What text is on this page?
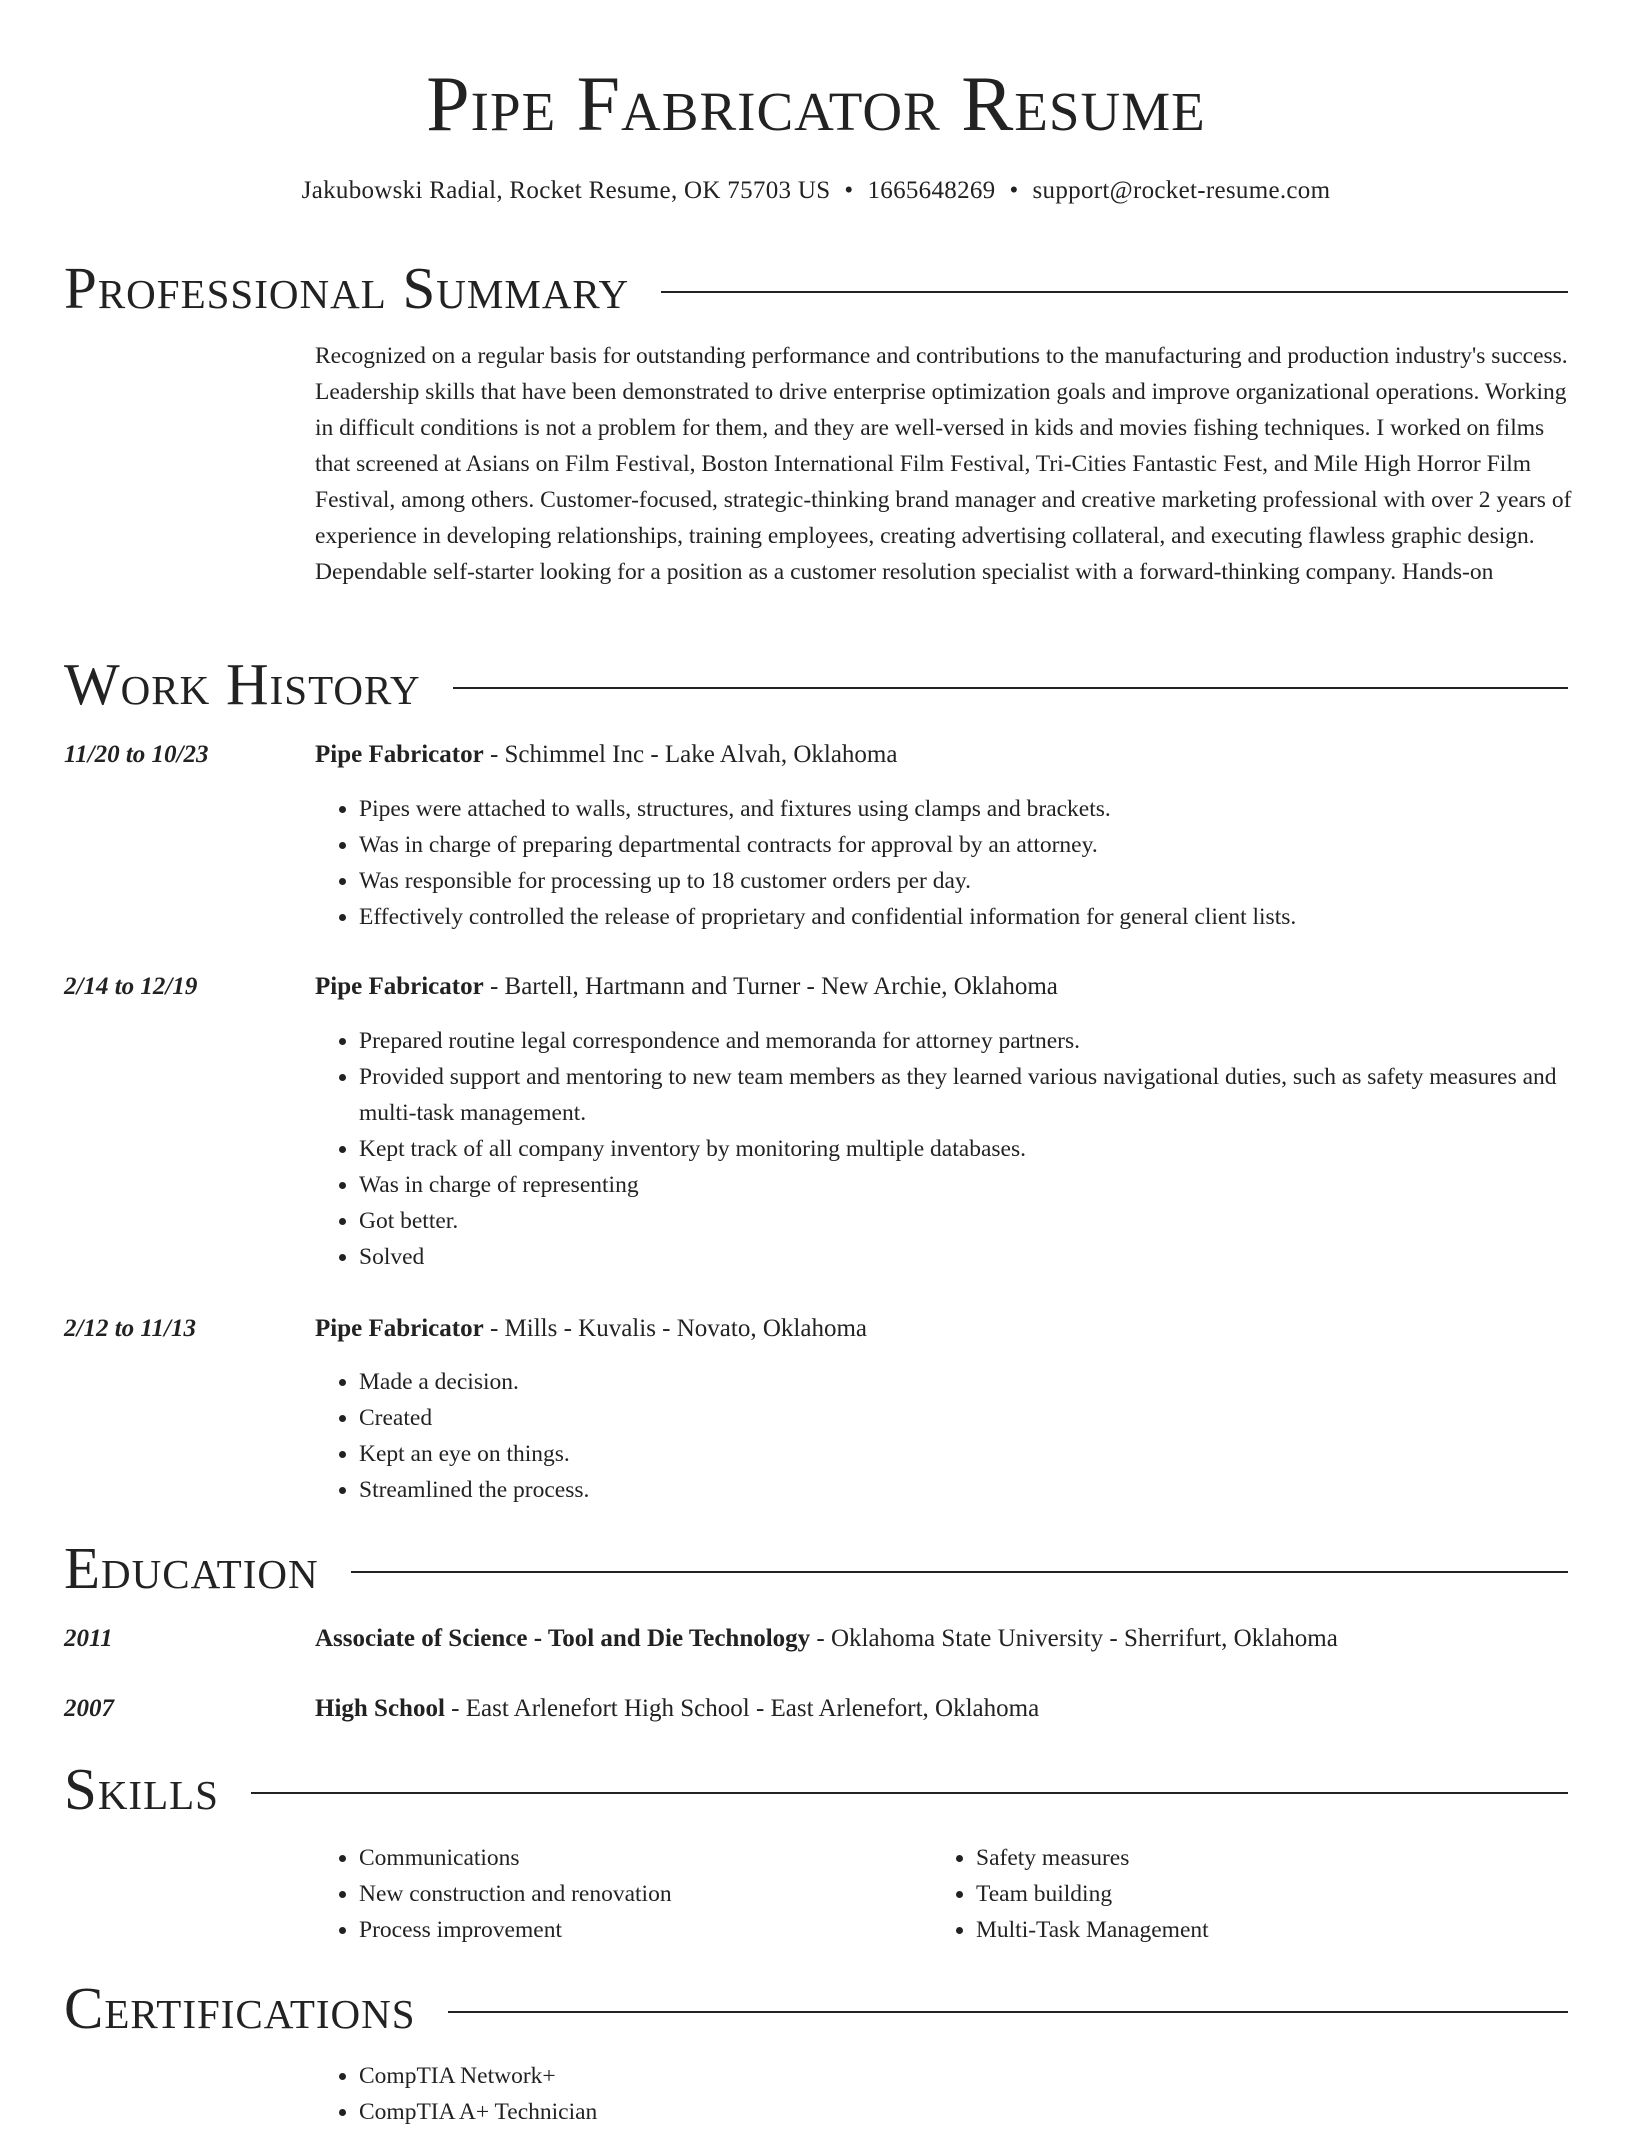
Pipe Fabricator Resume
Jakubowski Radial, Rocket Resume, OK 75703 US • 1665648269 • support@rocket-resume.com
Professional Summary

Recognized on a regular basis for outstanding performance and contributions to the manufacturing and production industry's success. Leadership skills that have been demonstrated to drive enterprise optimization goals and improve organizational operations. Working in difficult conditions is not a problem for them, and they are well-versed in kids and movies fishing techniques. I worked on films that screened at Asians on Film Festival, Boston International Film Festival, Tri-Cities Fantastic Fest, and Mile High Horror Film Festival, among others. Customer-focused, strategic-thinking brand manager and creative marketing professional with over 2 years of experience in developing relationships, training employees, creating advertising collateral, and executing flawless graphic design. Dependable self-starter looking for a position as a customer resolution specialist with a forward-thinking company. Hands-on

Work History
11/20 to 10/23	Pipe Fabricator - Schimmel Inc - Lake Alvah, Oklahoma
• Pipes were attached to walls, structures, and fixtures using clamps and brackets.
• Was in charge of preparing departmental contracts for approval by an attorney.
• Was responsible for processing up to 18 customer orders per day.
• Effectively controlled the release of proprietary and confidential information for general client lists.
2/14 to 12/19	Pipe Fabricator - Bartell, Hartmann and Turner - New Archie, Oklahoma
• Prepared routine legal correspondence and memoranda for attorney partners.
• Provided support and mentoring to new team members as they learned various navigational duties, such as safety measures and multi-task management.
• Kept track of all company inventory by monitoring multiple databases.
• Was in charge of representing
• Got better.
• Solved
2/12 to 11/13	Pipe Fabricator - Mills - Kuvalis - Novato, Oklahoma
• Made a decision.
• Created
• Kept an eye on things.
• Streamlined the process.
Education
2011	Associate of Science - Tool and Die Technology - Oklahoma State University - Sherrifurt, Oklahoma
2007	High School - East Arlenefort High School - East Arlenefort, Oklahoma
Skills
• Communications
• New construction and renovation
• Process improvement
• Safety measures
• Team building
• Multi-Task Management
Certifications
• CompTIA Network+
• CompTIA A+ Technician
